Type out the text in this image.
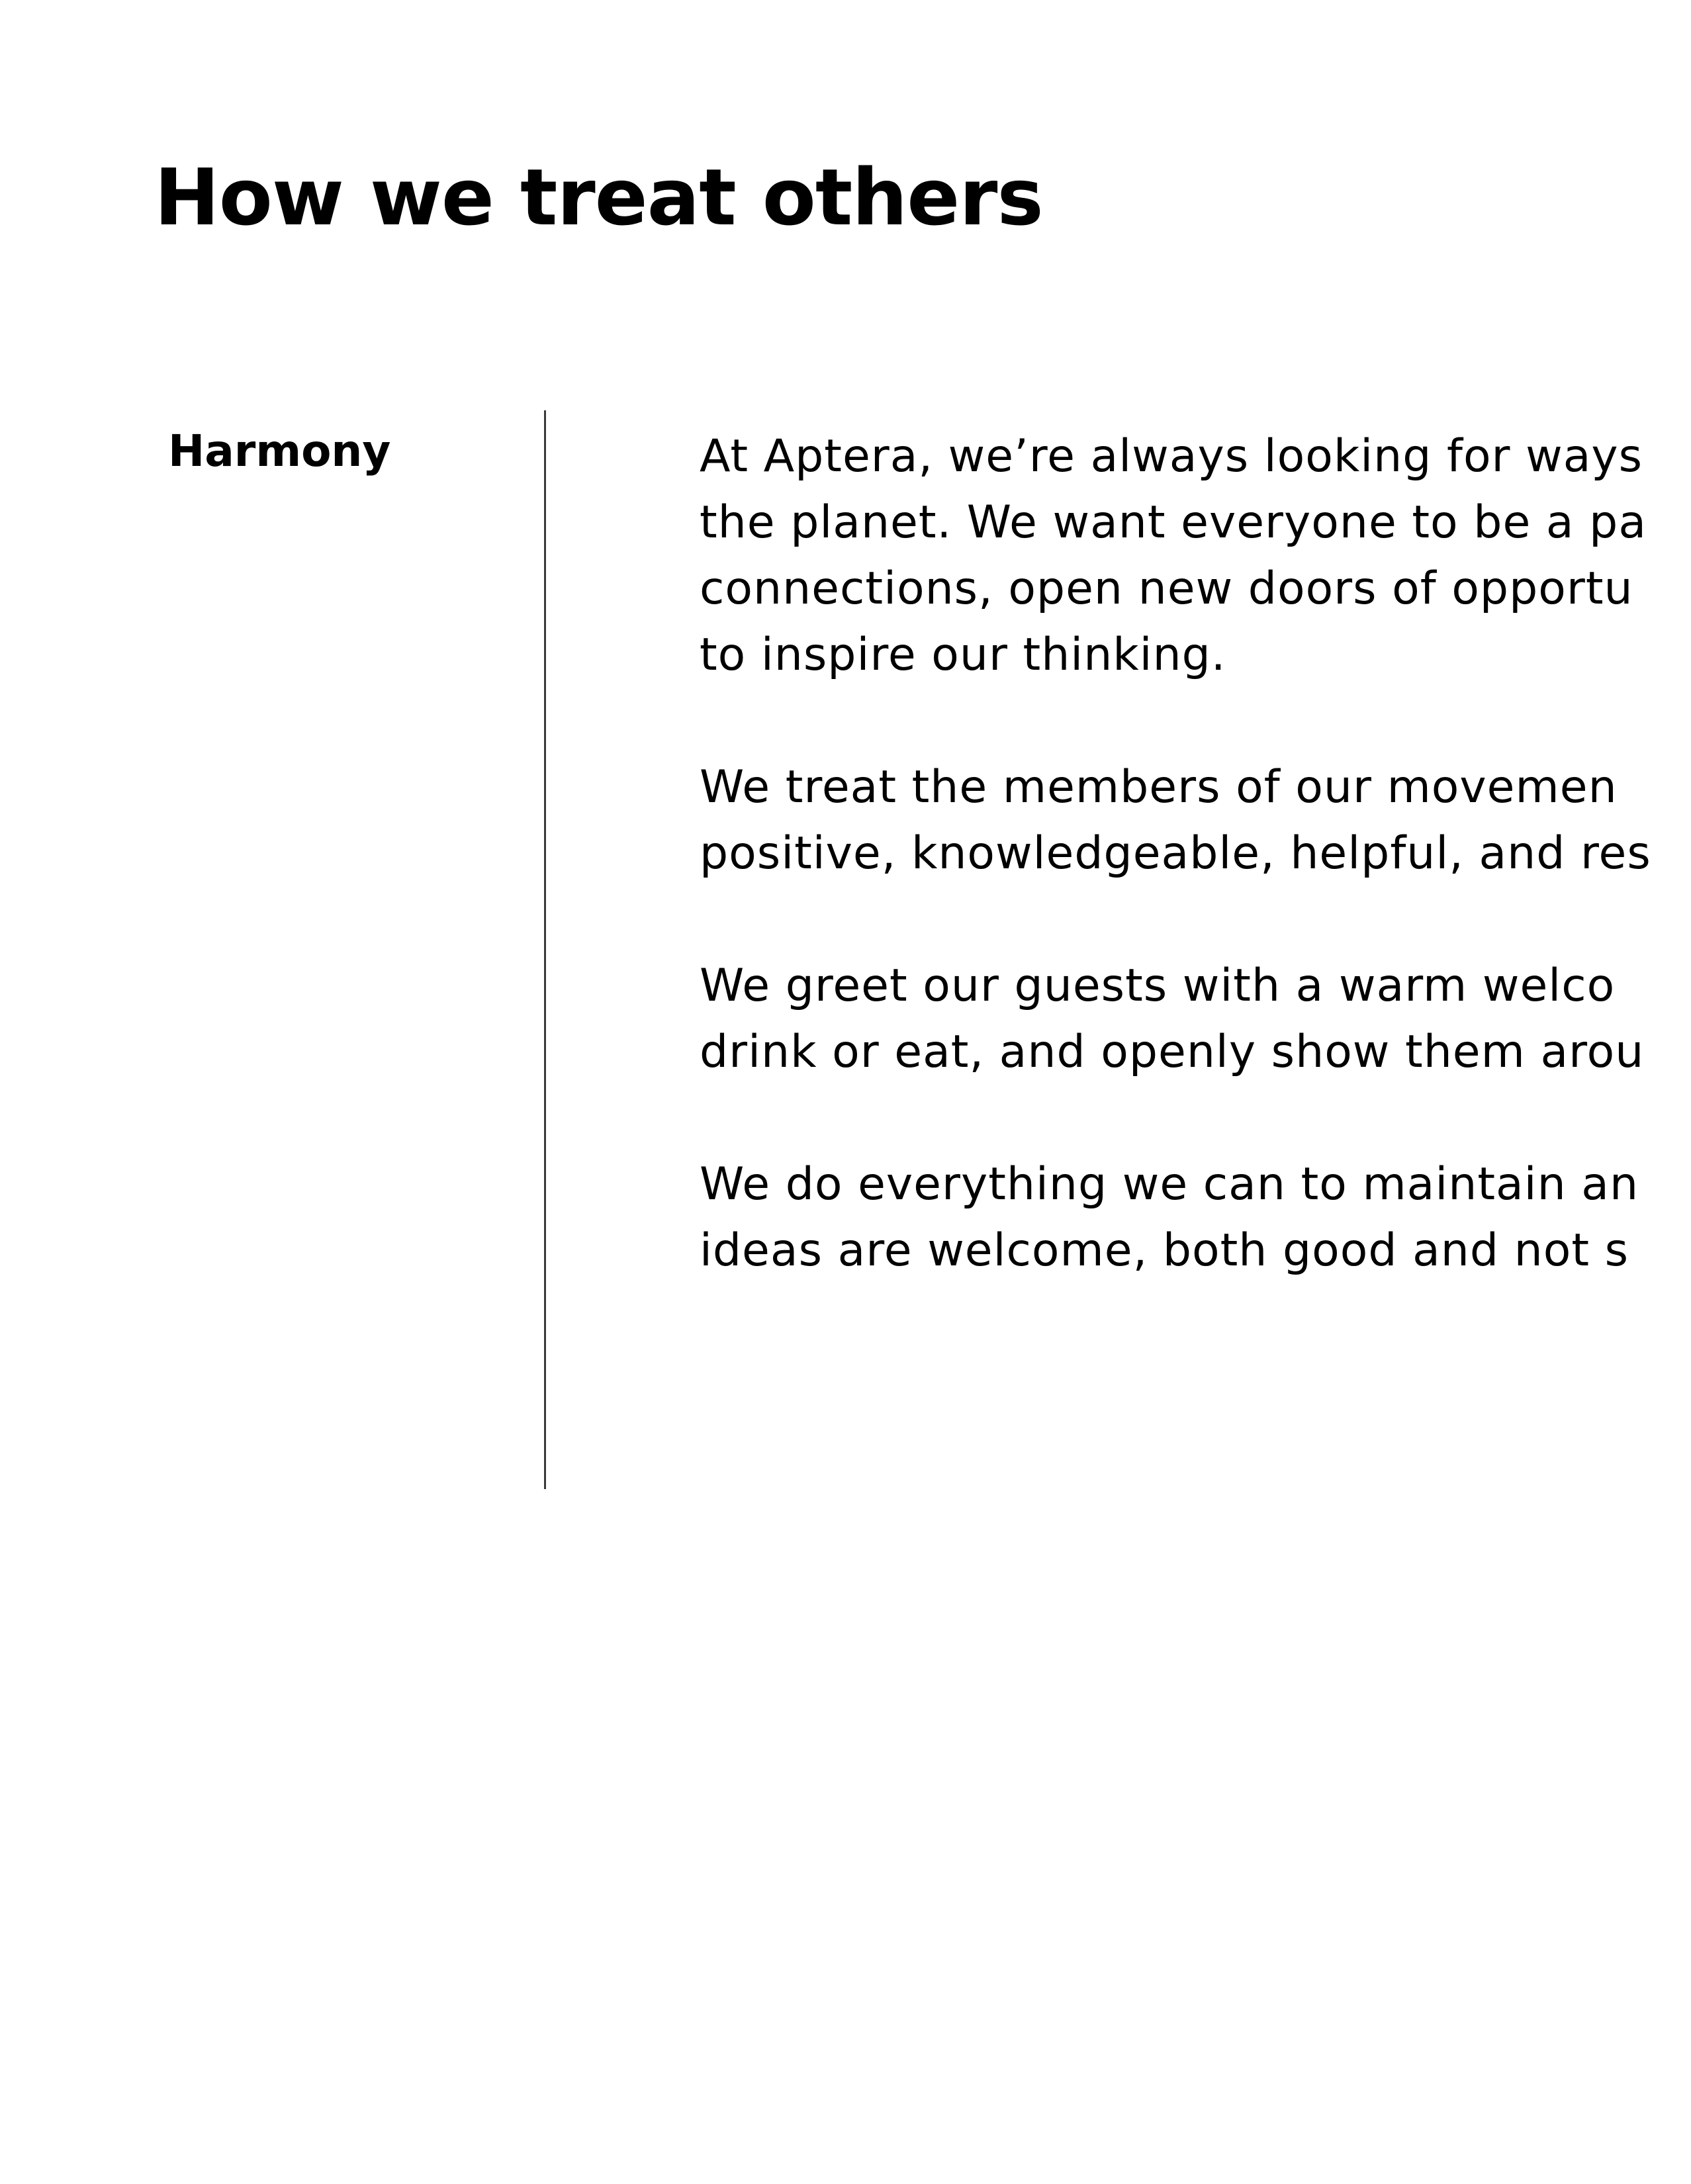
How we treat others
Harmony	At Aptera, we’re always looking for ways
the planet. We want everyone to be a pa
connections, open new doors of opportu
to inspire our thinking.

We treat the members of our movemen
positive, knowledgeable, helpful, and res

We greet our guests with a warm welco
drink or eat, and openly show them arou

We do everything we can to maintain an
ideas are welcome, both good and not s
